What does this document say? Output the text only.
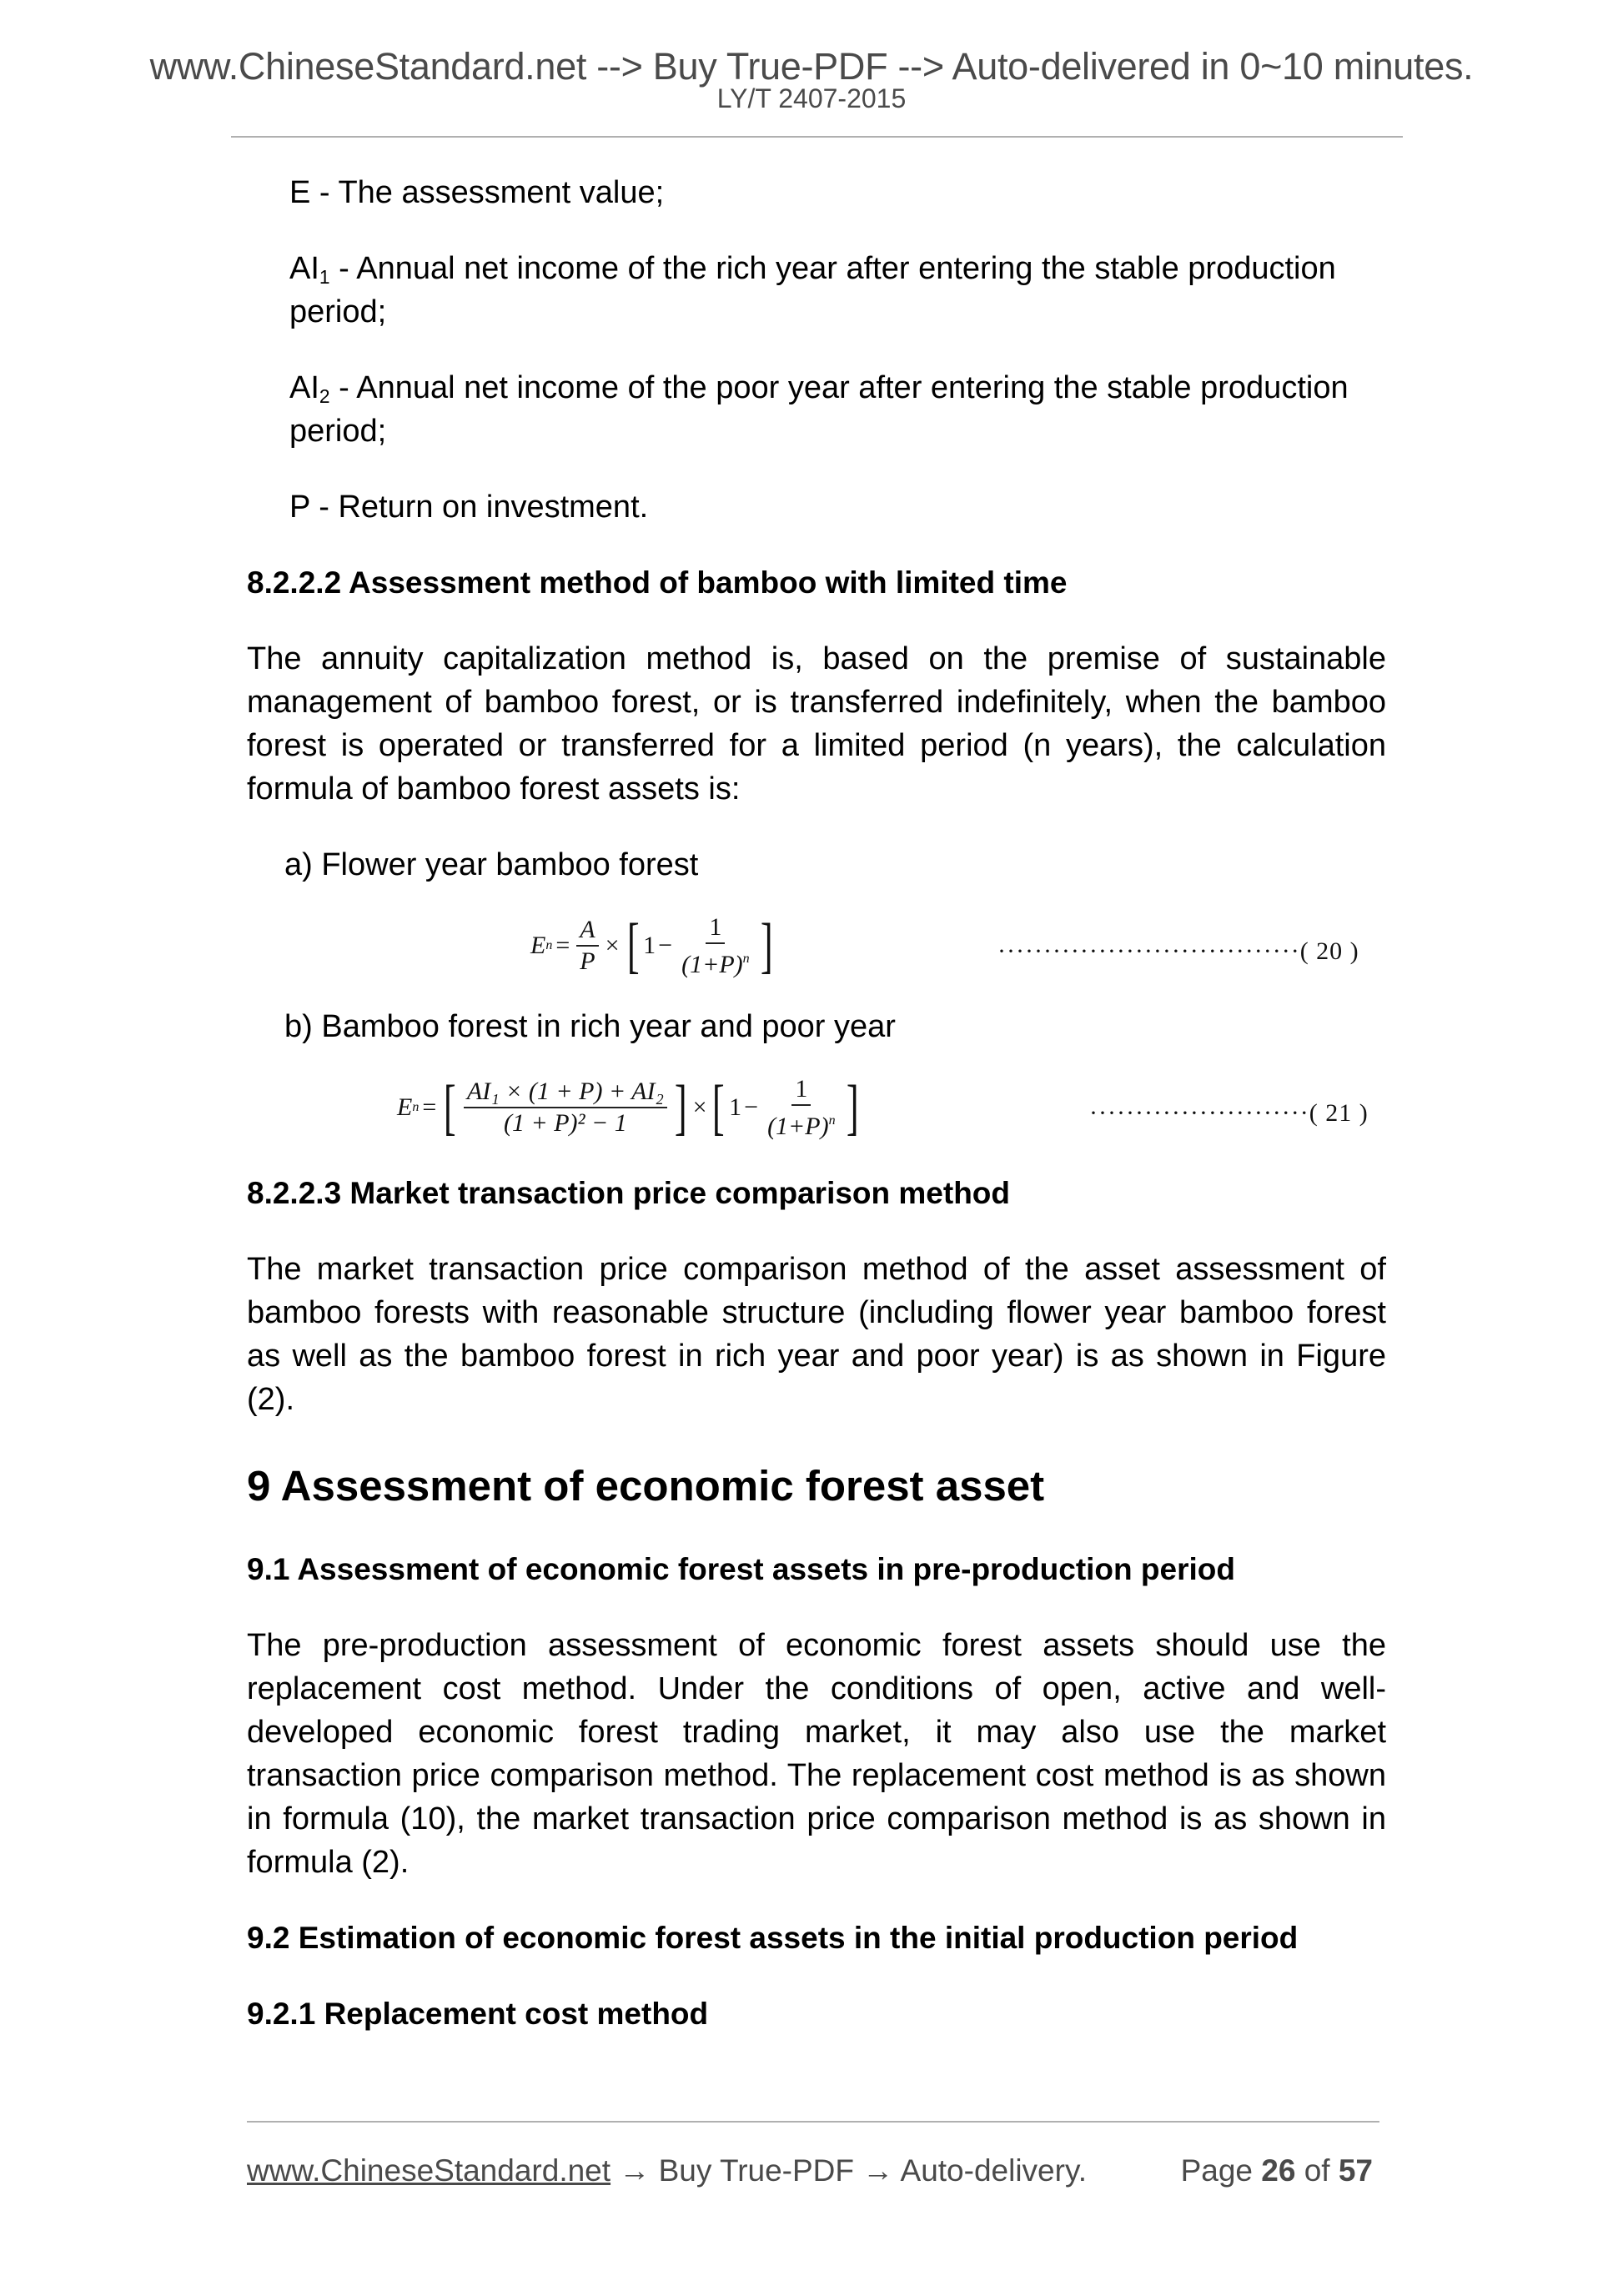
www.ChineseStandard.net --> Buy True-PDF --> Auto-delivered in 0~10 minutes.
LY/T 2407-2015

E - The assessment value;

$AI_1$ - Annual net income of the rich year after entering the stable production period;

$AI_2$ - Annual net income of the poor year after entering the stable production period;

P - Return on investment.

8.2.2.2 Assessment method of bamboo with limited time

The annuity capitalization method is, based on the premise of sustainable management of bamboo forest, or is transferred indefinitely, when the bamboo forest is operated or transferred for a limited period (n years), the calculation formula of bamboo forest assets is:

a) Flower year bamboo forest

E $n = \frac{A}{P}$ × [ $1 - \frac{1}{(1+P)^n}$ ]	·································( 20 )

b) Bamboo forest in rich year and poor year

E n = [ $\frac{\text{AI₁ × (1 + P) + AI₂}}{\text{(1 + P)² − 1}}$ ] × [ $1 - \frac{1}{(1+P)^n}$ ]	························( 21 )

8.2.2.3 Market transaction price comparison method

The market transaction price comparison method of the asset assessment of bamboo forests with reasonable structure (including flower year bamboo forest as well as the bamboo forest in rich year and poor year) is as shown in Figure (2).

9 Assessment of economic forest asset

9.1 Assessment of economic forest assets in pre-production period

The pre-production assessment of economic forest assets should use the replacement cost method. Under the conditions of open, active and well-developed economic forest trading market, it may also use the market transaction price comparison method. The replacement cost method is as shown in formula (10), the market transaction price comparison method is as shown in formula (2).

9.2 Estimation of economic forest assets in the initial production period

9.2.1 Replacement cost method

www.ChineseStandard.net → Buy True-PDF → Auto-delivery.	Page 26 of 57
